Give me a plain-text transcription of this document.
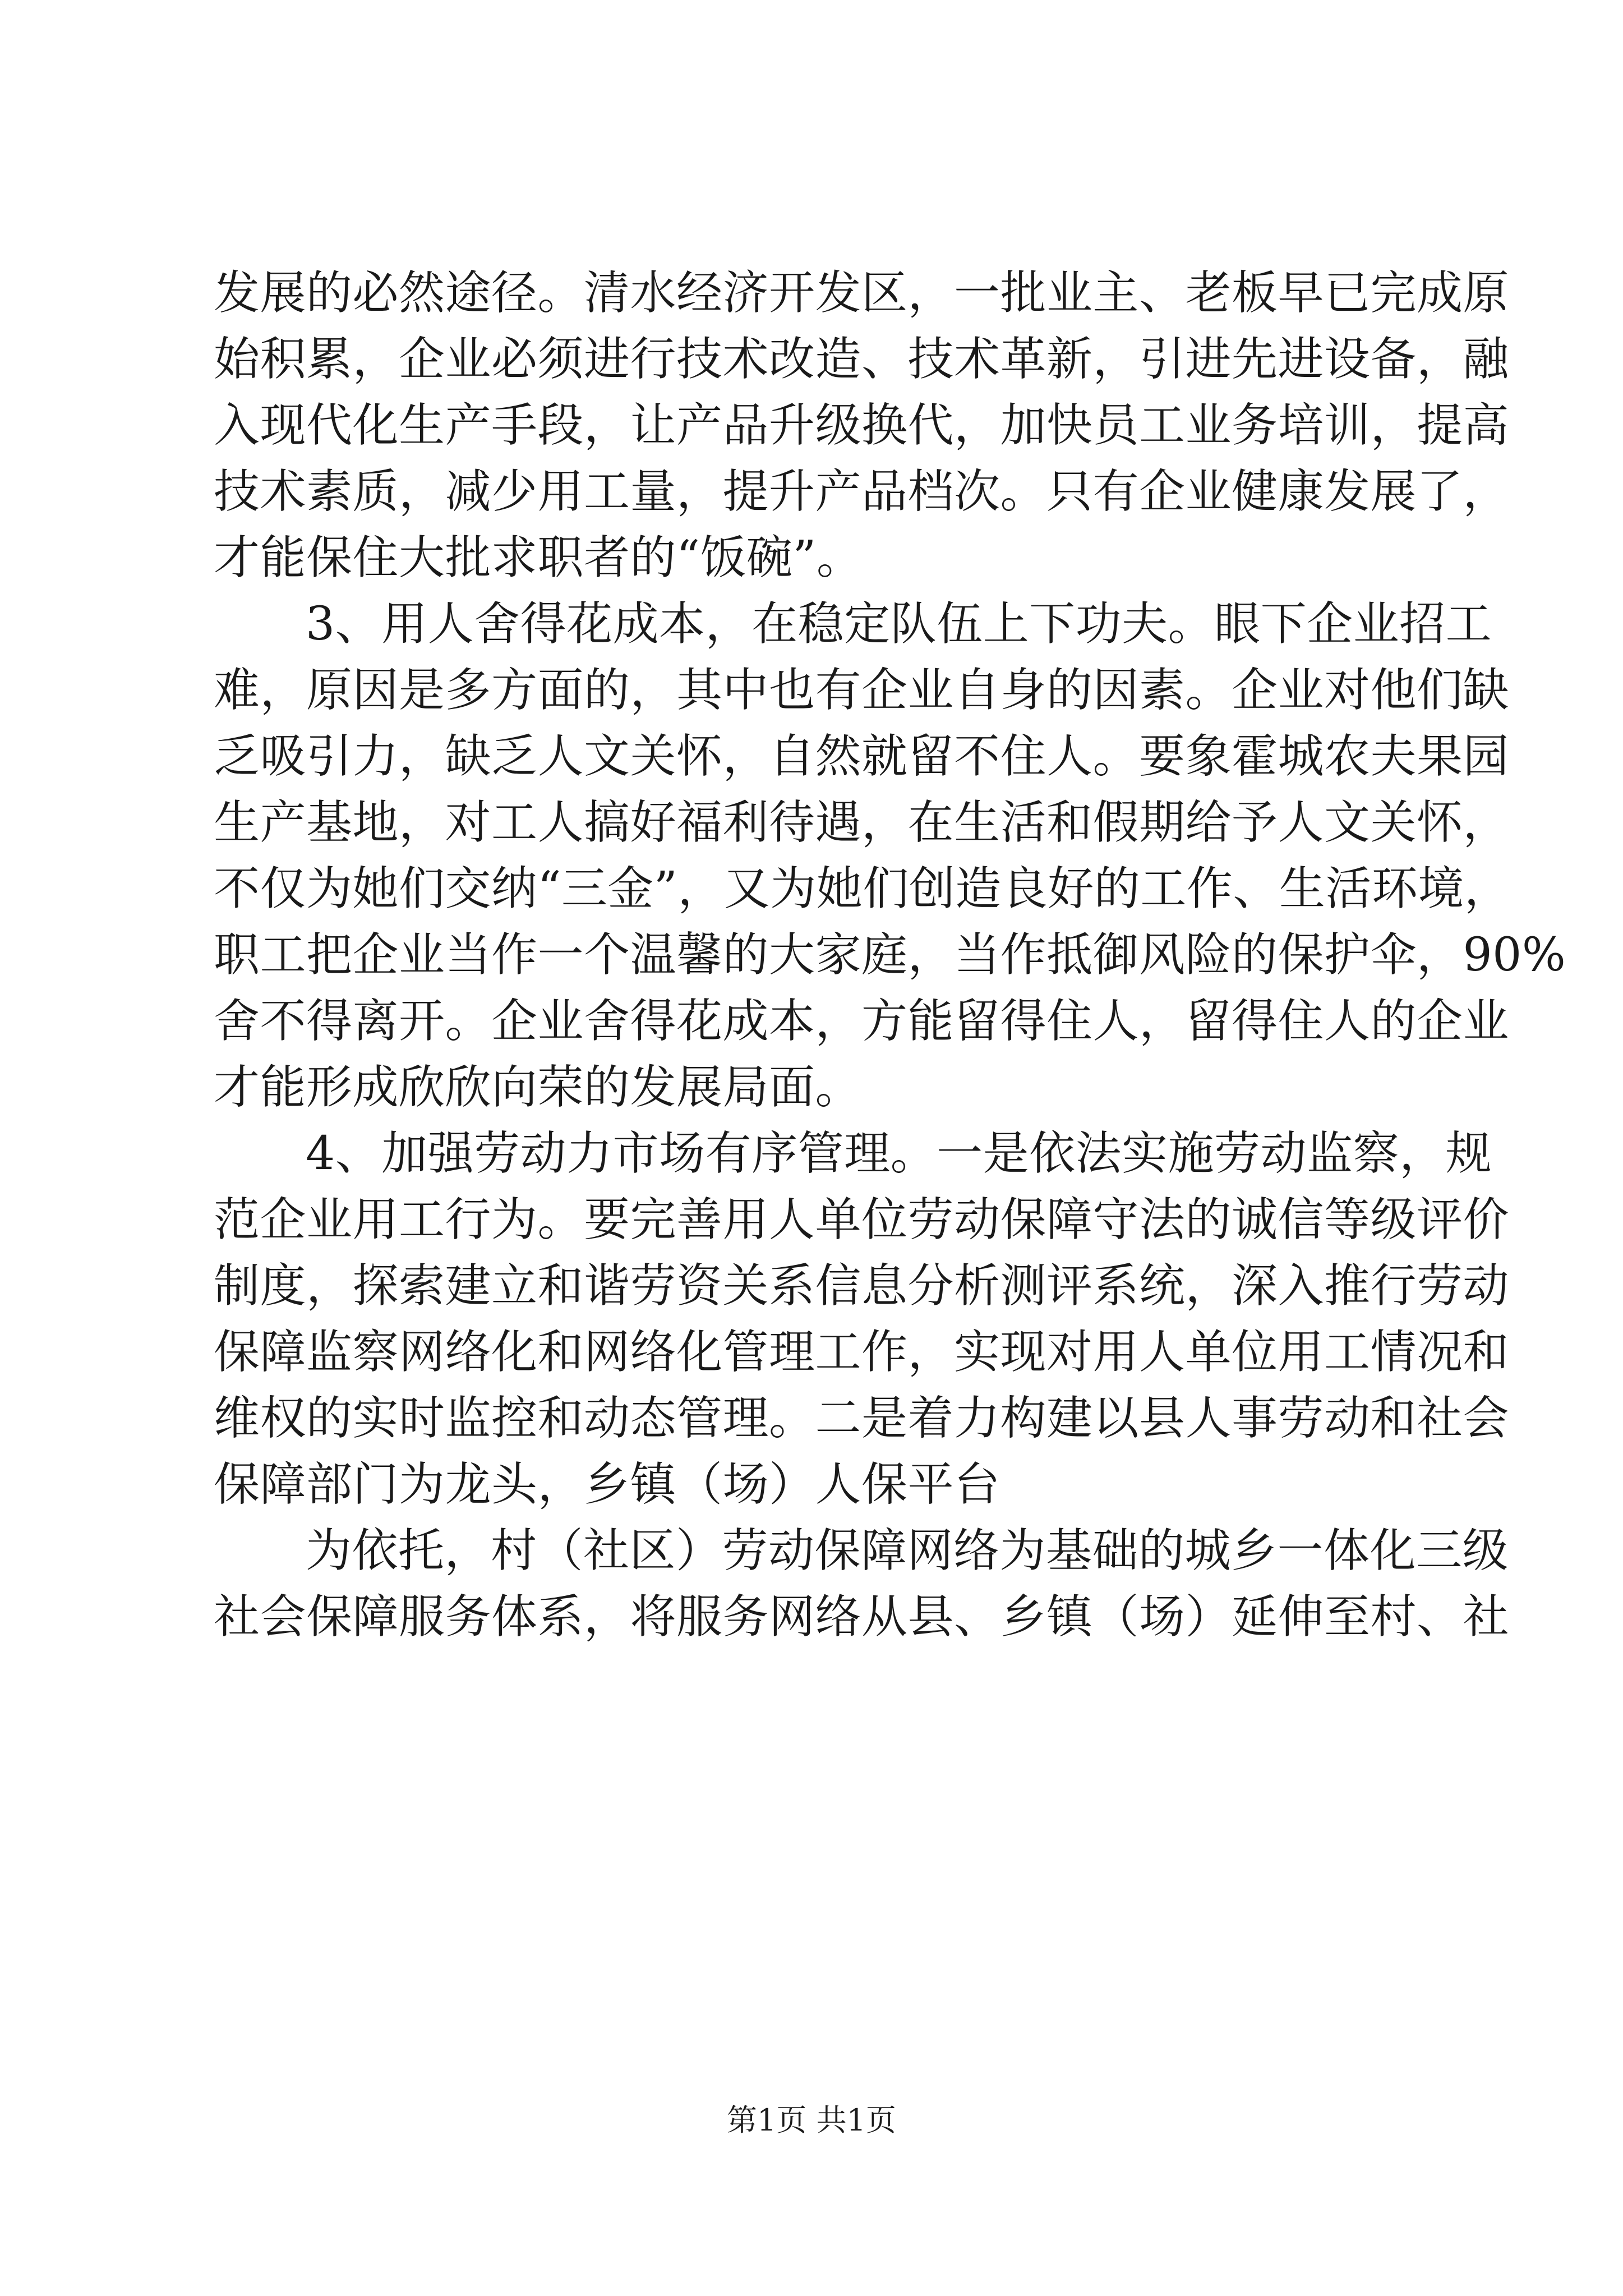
发展的必然途径。清水经济开发区，一批业主、老板早已完成原
始积累，企业必须进行技术改造、技术革新，引进先进设备，融
入现代化生产手段，让产品升级换代，加快员工业务培训，提高
技术素质，减少用工量，提升产品档次。只有企业健康发展了，
才能保住大批求职者的“饭碗”。
3、用人舍得花成本，在稳定队伍上下功夫。眼下企业招工
难，原因是多方面的，其中也有企业自身的因素。企业对他们缺
乏吸引力，缺乏人文关怀，自然就留不住人。要象霍城农夫果园
生产基地，对工人搞好福利待遇，在生活和假期给予人文关怀，
不仅为她们交纳“三金”，又为她们创造良好的工作、生活环境，
职工把企业当作一个温馨的大家庭，当作抵御风险的保护伞，90%
舍不得离开。企业舍得花成本，方能留得住人，留得住人的企业
才能形成欣欣向荣的发展局面。
4、加强劳动力市场有序管理。一是依法实施劳动监察，规
范企业用工行为。要完善用人单位劳动保障守法的诚信等级评价
制度，探索建立和谐劳资关系信息分析测评系统，深入推行劳动
保障监察网络化和网络化管理工作，实现对用人单位用工情况和
维权的实时监控和动态管理。二是着力构建以县人事劳动和社会
保障部门为龙头，乡镇（场）人保平台
为依托，村（社区）劳动保障网络为基础的城乡一体化三级
社会保障服务体系，将服务网络从县、乡镇（场）延伸至村、社
第1页 共1页
